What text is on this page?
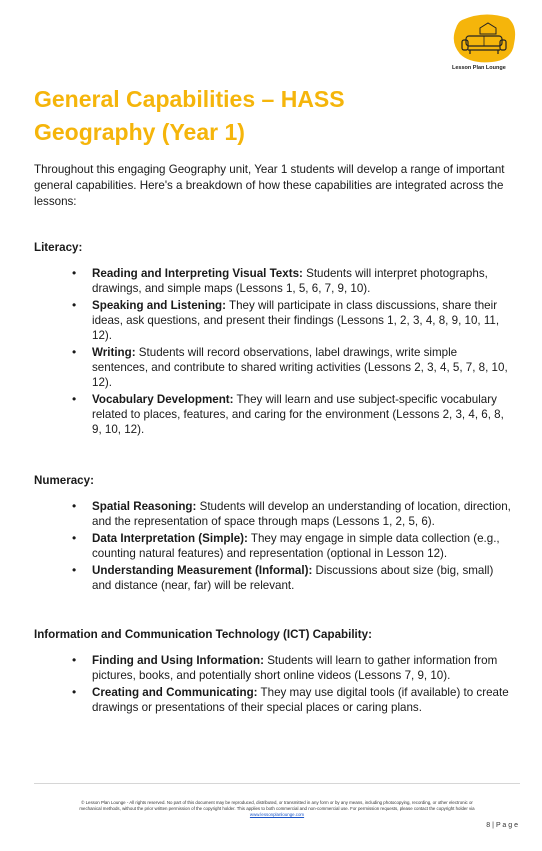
Lesson Plan Lounge
General Capabilities – HASS
Geography (Year 1)

Throughout this engaging Geography unit, Year 1 students will develop a range of important general capabilities. Here's a breakdown of how these capabilities are integrated across the lessons:

Literacy:

• Reading and Interpreting Visual Texts: Students will interpret photographs, drawings, and simple maps (Lessons 1, 5, 6, 7, 9, 10).
• Speaking and Listening: They will participate in class discussions, share their ideas, ask questions, and present their findings (Lessons 1, 2, 3, 4, 8, 9, 10, 11, 12).
• Writing: Students will record observations, label drawings, write simple sentences, and contribute to shared writing activities (Lessons 2, 3, 4, 5, 7, 8, 10, 12).
• Vocabulary Development: They will learn and use subject-specific vocabulary related to places, features, and caring for the environment (Lessons 2, 3, 4, 6, 8, 9, 10, 12).

Numeracy:

• Spatial Reasoning: Students will develop an understanding of location, direction, and the representation of space through maps (Lessons 1, 2, 5, 6).
• Data Interpretation (Simple): They may engage in simple data collection (e.g., counting natural features) and representation (optional in Lesson 12).
• Understanding Measurement (Informal): Discussions about size (big, small) and distance (near, far) will be relevant.

Information and Communication Technology (ICT) Capability:

• Finding and Using Information: Students will learn to gather information from pictures, books, and potentially short online videos (Lessons 7, 9, 10).
• Creating and Communicating: They may use digital tools (if available) to create drawings or presentations of their special places or caring plans.
© Lesson Plan Lounge - All rights reserved. No part of this document may be reproduced, distributed, or transmitted in any form or by any means, including photocopying, recording, or other electronic or
mechanical methods, without the prior written permission of the copyright holder. This applies to both commercial and non-commercial use. For permission requests, please contact the copyright holder via
www.lessonplanlounge.com
8 | P a g e
